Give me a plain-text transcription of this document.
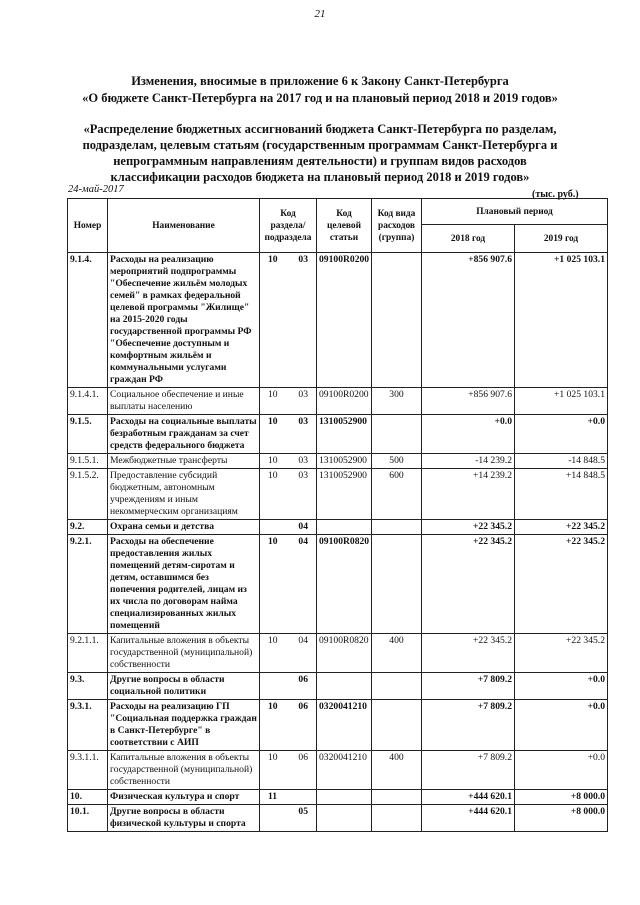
21
Изменения, вносимые в приложение 6 к Закону Санкт-Петербурга
«О бюджете Санкт-Петербурга на 2017 год и на плановый период 2018 и 2019 годов»
«Распределение бюджетных ассигнований бюджета Санкт-Петербурга по разделам,
подразделам, целевым статьям (государственным программам Санкт-Петербурга и
непрограммным направлениям деятельности) и группам видов расходов
классификации расходов бюджета на плановый период 2018 и 2019 годов»
24-май-2017	(тыс. руб.)
Номер	Наименование	Код раздела/ подраздела	Код целевой статьи	Код вида расходов (группа)	Плановый период	
					2018 год	2019 год
9.1.4.	Расходы на реализацию мероприятий подпрограммы "Обеспечение жильём молодых семей" в рамках федеральной целевой программы "Жилище" на 2015-2020 годы государственной программы РФ "Обеспечение доступным и комфортным жильём и коммунальными услугами граждан РФ	10 03	09100R0200		+856 907.6	+1 025 103.1
9.1.4.1.	Социальное обеспечение и иные выплаты населению	10 03	09100R0200	300	+856 907.6	+1 025 103.1
9.1.5.	Расходы на социальные выплаты безработным гражданам за счет средств федерального бюджета	10 03	1310052900		+0.0	+0.0
9.1.5.1.	Межбюджетные трансферты	10 03	1310052900	500	-14 239.2	-14 848.5
9.1.5.2.	Предоставление субсидий бюджетным, автономным учреждениям и иным некоммерческим организациям	10 03	1310052900	600	+14 239.2	+14 848.5
9.2.	Охрана семьи и детства	04			+22 345.2	+22 345.2
9.2.1.	Расходы на обеспечение предоставления жилых помещений детям-сиротам и детям, оставшимся без попечения родителей, лицам из их числа по договорам найма специализированных жилых помещений	10 04	09100R0820		+22 345.2	+22 345.2
9.2.1.1.	Капитальные вложения в объекты государственной (муниципальной) собственности	10 04	09100R0820	400	+22 345.2	+22 345.2
9.3.	Другие вопросы в области социальной политики	06			+7 809.2	+0.0
9.3.1.	Расходы на реализацию ГП "Социальная поддержка граждан в Санкт-Петербурге" в соответствии с АИП	10 06	0320041210		+7 809.2	+0.0
9.3.1.1.	Капитальные вложения в объекты государственной (муниципальной) собственности	10 06	0320041210	400	+7 809.2	+0.0
10.	Физическая культура и спорт	11			+444 620.1	+8 000.0
10.1.	Другие вопросы в области физической культуры и спорта	05			+444 620.1	+8 000.0
